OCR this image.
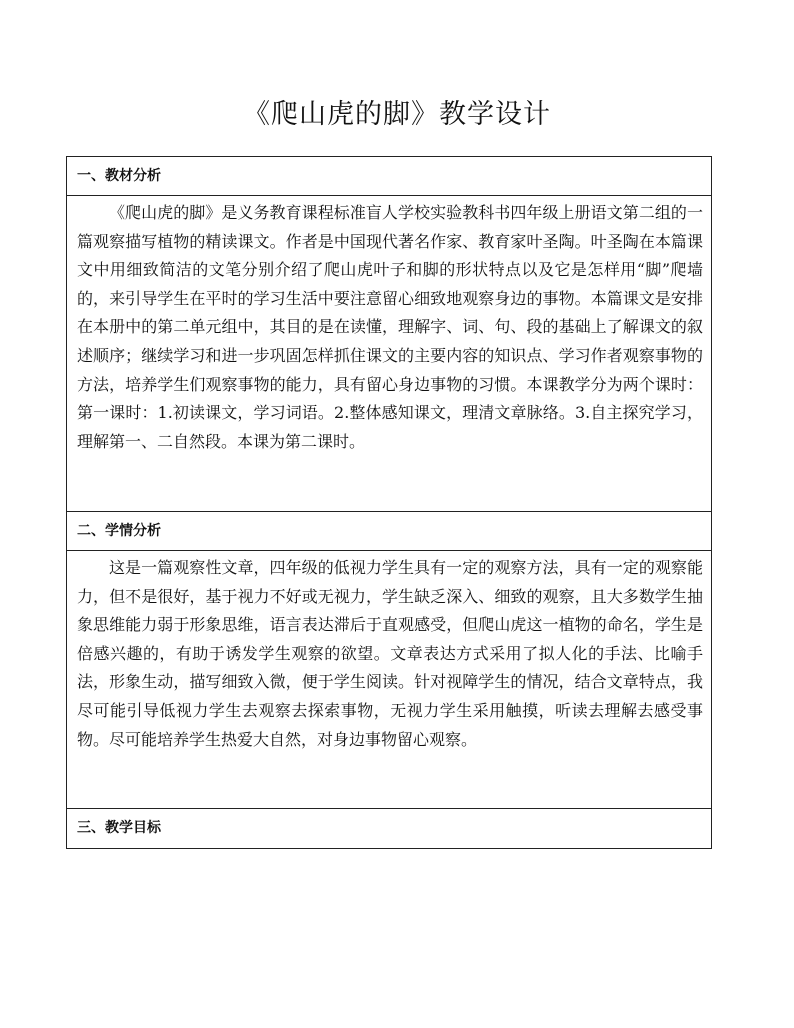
《爬山虎的脚》教学设计
一、教材分析
《爬山虎的脚》是义务教育课程标准盲人学校实验教科书四年级上册语文第二组的一篇观察描写植物的精读课文。作者是中国现代著名作家、教育家叶圣陶。叶圣陶在本篇课文中用细致简洁的文笔分别介绍了爬山虎叶子和脚的形状特点以及它是怎样用“脚”爬墙的，来引导学生在平时的学习生活中要注意留心细致地观察身边的事物。本篇课文是安排在本册中的第二单元组中，其目的是在读懂，理解字、词、句、段的基础上了解课文的叙述顺序；继续学习和进一步巩固怎样抓住课文的主要内容的知识点、学习作者观察事物的方法，培养学生们观察事物的能力，具有留心身边事物的习惯。本课教学分为两个课时：第一课时：1.初读课文，学习词语。2.整体感知课文，理清文章脉络。3.自主探究学习，理解第一、二自然段。本课为第二课时。
二、学情分析
这是一篇观察性文章，四年级的低视力学生具有一定的观察方法，具有一定的观察能力，但不是很好，基于视力不好或无视力，学生缺乏深入、细致的观察，且大多数学生抽象思维能力弱于形象思维，语言表达滞后于直观感受，但爬山虎这一植物的命名，学生是倍感兴趣的，有助于诱发学生观察的欲望。文章表达方式采用了拟人化的手法、比喻手法，形象生动，描写细致入微，便于学生阅读。针对视障学生的情况，结合文章特点，我尽可能引导低视力学生去观察去探索事物，无视力学生采用触摸，听读去理解去感受事物。尽可能培养学生热爱大自然，对身边事物留心观察。
三、教学目标
